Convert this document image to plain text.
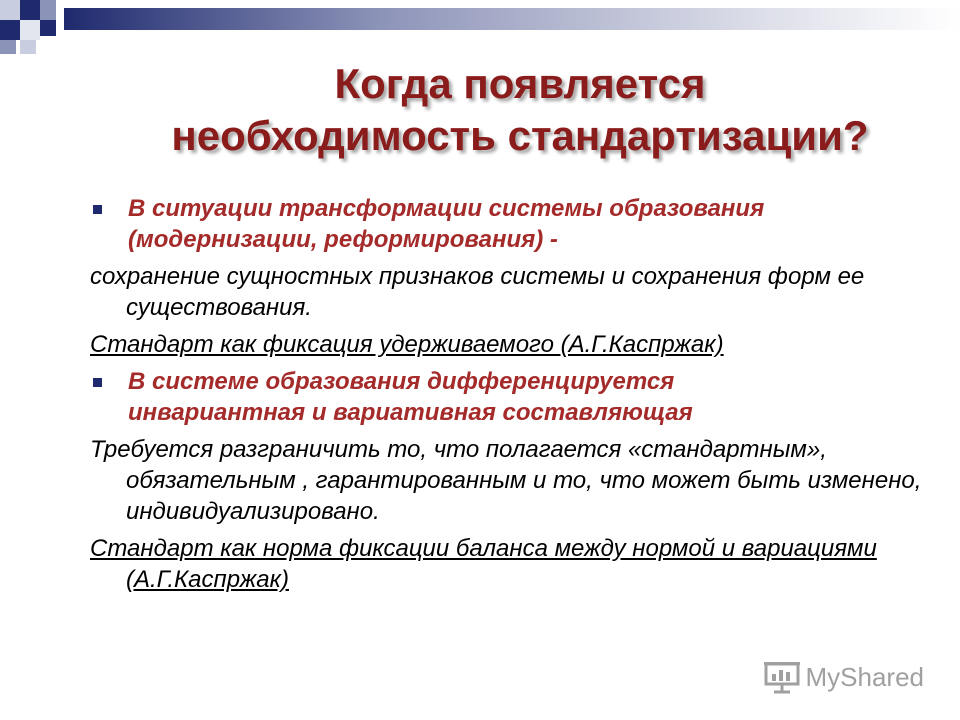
Когда появляется
необходимость стандартизации?
В ситуации трансформации системы образования
(модернизации, реформирования) -
сохранение сущностных признаков системы и сохранения форм ее существования.
Стандарт как фиксация удерживаемого (А.Г.Каспржак)
В системе образования дифференцируется
инвариантная и вариативная составляющая
Требуется разграничить то, что полагается «стандартным», обязательным , гарантированным и то, что может быть изменено, индивидуализировано.
Стандарт как норма фиксации баланса между нормой и вариациями (А.Г.Каспржак)
MyShared
